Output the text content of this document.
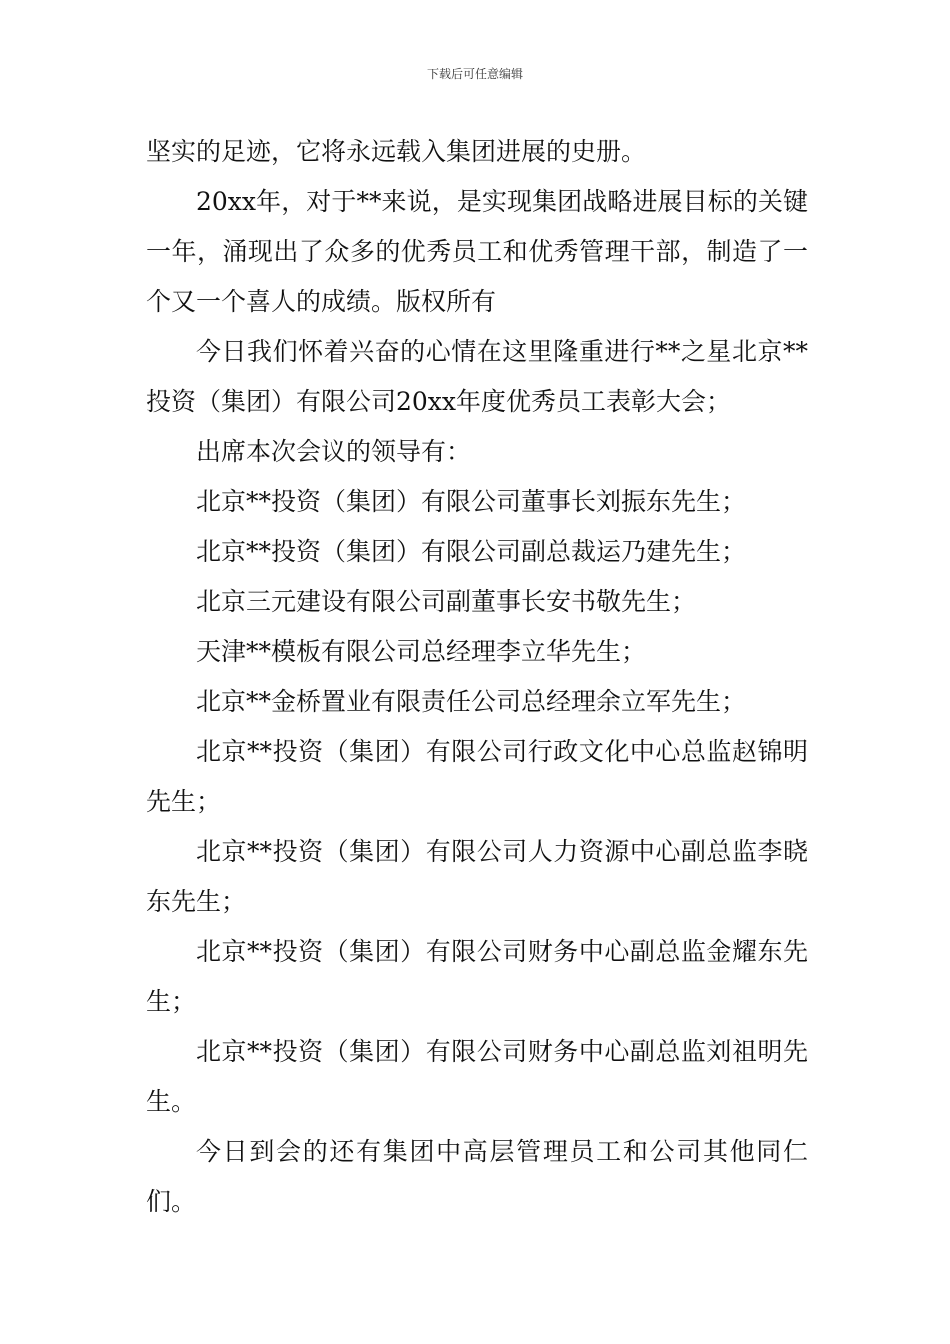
下载后可任意编辑

坚实的足迹，它将永远载入集团进展的史册。

20xx年，对于**来说，是实现集团战略进展目标的关键一年，涌现出了众多的优秀员工和优秀管理干部，制造了一个又一个喜人的成绩。版权所有

今日我们怀着兴奋的心情在这里隆重进行**之星北京**投资（集团）有限公司20xx年度优秀员工表彰大会；

出席本次会议的领导有：

北京**投资（集团）有限公司董事长刘振东先生；

北京**投资（集团）有限公司副总裁运乃建先生；

北京三元建设有限公司副董事长安书敬先生；

天津**模板有限公司总经理李立华先生；

北京**金桥置业有限责任公司总经理余立军先生；

北京**投资（集团）有限公司行政文化中心总监赵锦明先生；

北京**投资（集团）有限公司人力资源中心副总监李晓东先生；

北京**投资（集团）有限公司财务中心副总监金耀东先生；

北京**投资（集团）有限公司财务中心副总监刘祖明先生。

今日到会的还有集团中高层管理员工和公司其他同仁们。
